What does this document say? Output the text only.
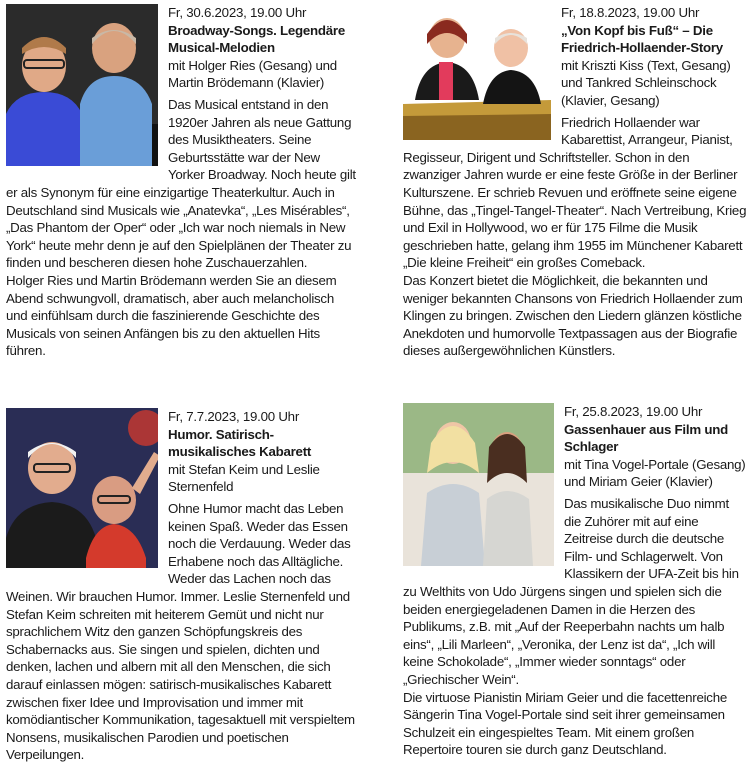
Fr, 30.6.2023, 19.00 Uhr
Broadway-Songs. Legendäre Musical-Melodien
mit Holger Ries (Gesang) und Martin Brödemann (Klavier)

Das Musical entstand in den 1920er Jahren als neue Gattung des Musiktheaters. Seine Geburtsstätte war der New Yorker Broadway. Noch heute gilt er als Synonym für eine einzigartige Theaterkultur. Auch in Deutschland sind Musicals wie „Anatevka“, „Les Misérables“, „Das Phantom der Oper“ oder „Ich war noch niemals in New York“ heute mehr denn je auf den Spielplänen der Theater zu finden und bescheren diesen hohe Zuschauerzahlen.

Holger Ries und Martin Brödemann werden Sie an diesem Abend schwungvoll, dramatisch, aber auch melancholisch und einfühlsam durch die faszinierende Geschichte des Musicals von seinen Anfängen bis zu den aktuellen Hits führen.

Fr, 18.8.2023, 19.00 Uhr
„Von Kopf bis Fuß“ – Die Friedrich-Hollaender-Story
mit Kriszti Kiss (Text, Gesang) und Tankred Schleinschock (Klavier, Gesang)

Friedrich Hollaender war Kabarettist, Arrangeur, Pianist, Regisseur, Dirigent und Schriftsteller. Schon in den zwanziger Jahren wurde er eine feste Größe in der Berliner Kulturszene. Er schrieb Revuen und eröffnete seine eigene Bühne, das „Tingel-Tangel-Theater“. Nach Vertreibung, Krieg und Exil in Hollywood, wo er für 175 Filme die Musik geschrieben hatte, gelang ihm 1955 im Münchener Kabarett „Die kleine Freiheit“ ein großes Comeback.

Das Konzert bietet die Möglichkeit, die bekannten und weniger bekannten Chansons von Friedrich Hollaender zum Klingen zu bringen. Zwischen den Liedern glänzen köstliche Anekdoten und humorvolle Textpassagen aus der Biografie dieses außergewöhnlichen Künstlers.

Fr, 7.7.2023, 19.00 Uhr
Humor. Satirisch-musikalisches Kabarett
mit Stefan Keim und Leslie Sternenfeld

Ohne Humor macht das Leben keinen Spaß. Weder das Essen noch die Verdauung. Weder das Erhabene noch das Alltägliche. Weder das Lachen noch das Weinen. Wir brauchen Humor. Immer. Leslie Sternenfeld und Stefan Keim schreiten mit heiterem Gemüt und nicht nur sprachlichem Witz den ganzen Schöpfungskreis des Schabernacks aus. Sie singen und spielen, dichten und denken, lachen und albern mit all den Menschen, die sich darauf einlassen mögen: satirisch-musikalisches Kabarett zwischen fixer Idee und Improvisation und immer mit komödiantischer Kommunikation, tagesaktuell mit verspieltem Nonsens, musikalischen Parodien und poetischen Verpeilungen.

Fr, 25.8.2023, 19.00 Uhr
Gassenhauer aus Film und Schlager
mit Tina Vogel-Portale (Gesang) und Miriam Geier (Klavier)

Das musikalische Duo nimmt die Zuhörer mit auf eine Zeitreise durch die deutsche Film- und Schlagerwelt. Von Klassikern der UFA-Zeit bis hin zu Welthits von Udo Jürgens singen und spielen sich die beiden energiegeladenen Damen in die Herzen des Publikums, z.B. mit „Auf der Reeperbahn nachts um halb eins“, „Lili Marleen“, „Veronika, der Lenz ist da“, „Ich will keine Schokolade“, „Immer wieder sonntags“ oder „Griechischer Wein“.

Die virtuose Pianistin Miriam Geier und die facettenreiche Sängerin Tina Vogel-Portale sind seit ihrer gemeinsamen Schulzeit ein eingespieltes Team. Mit einem großen Repertoire touren sie durch ganz Deutschland.
